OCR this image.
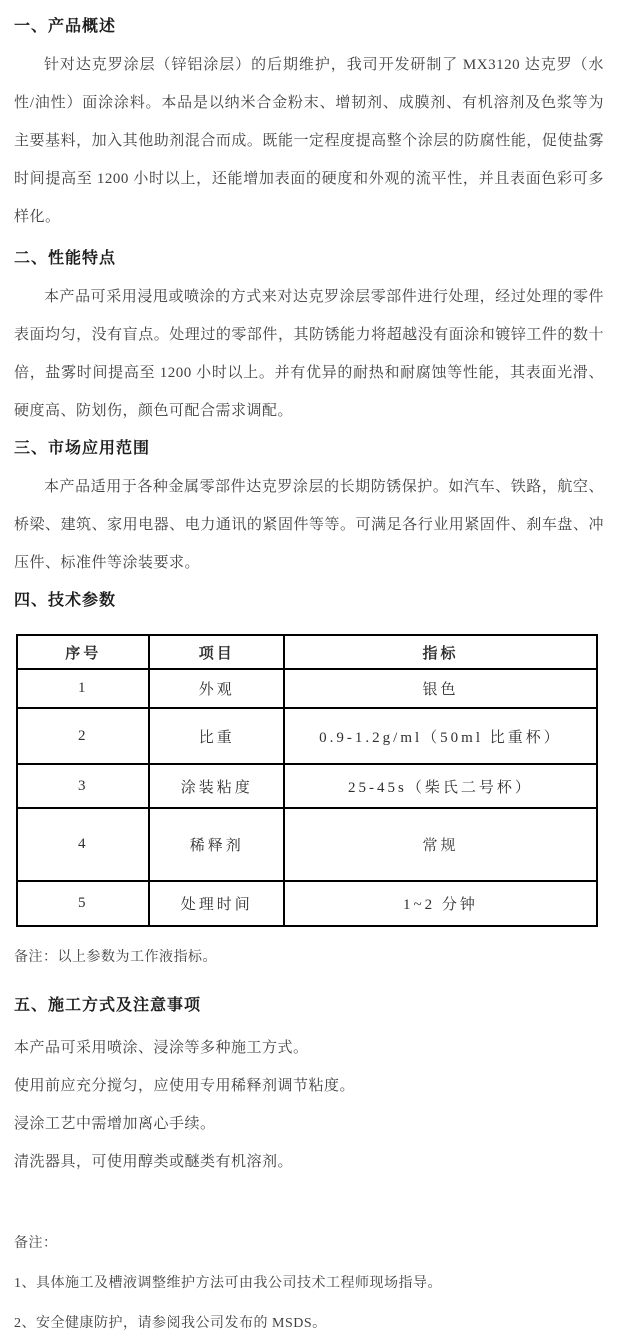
一、产品概述

针对达克罗涂层（锌铝涂层）的后期维护，我司开发研制了 MX3120 达克罗（水性/油性）面涂涂料。本品是以纳米合金粉末、增韧剂、成膜剂、有机溶剂及色浆等为主要基料，加入其他助剂混合而成。既能一定程度提高整个涂层的防腐性能，促使盐雾时间提高至 1200 小时以上，还能增加表面的硬度和外观的流平性，并且表面色彩可多样化。

二、性能特点

本产品可采用浸甩或喷涂的方式来对达克罗涂层零部件进行处理，经过处理的零件表面均匀，没有盲点。处理过的零部件，其防锈能力将超越没有面涂和镀锌工件的数十倍，盐雾时间提高至 1200 小时以上。并有优异的耐热和耐腐蚀等性能，其表面光滑、硬度高、防划伤，颜色可配合需求调配。

三、市场应用范围

本产品适用于各种金属零部件达克罗涂层的长期防锈保护。如汽车、铁路，航空、桥梁、建筑、家用电器、电力通讯的紧固件等等。可满足各行业用紧固件、刹车盘、冲压件、标准件等涂装要求。

四、技术参数
序号	项目	指标
1	外观	银色
2	比重	0.9-1.2g/ml（50ml 比重杯）
3	涂装粘度	25-45s（柴氏二号杯）
4	稀释剂	常规
5	处理时间	1~2 分钟

备注：以上参数为工作液指标。

五、施工方式及注意事项

本产品可采用喷涂、浸涂等多种施工方式。

使用前应充分搅匀，应使用专用稀释剂调节粘度。

浸涂工艺中需增加离心手续。

清洗器具，可使用醇类或醚类有机溶剂。

备注：

1、具体施工及槽液调整维护方法可由我公司技术工程师现场指导。

2、安全健康防护，请参阅我公司发布的 MSDS。
